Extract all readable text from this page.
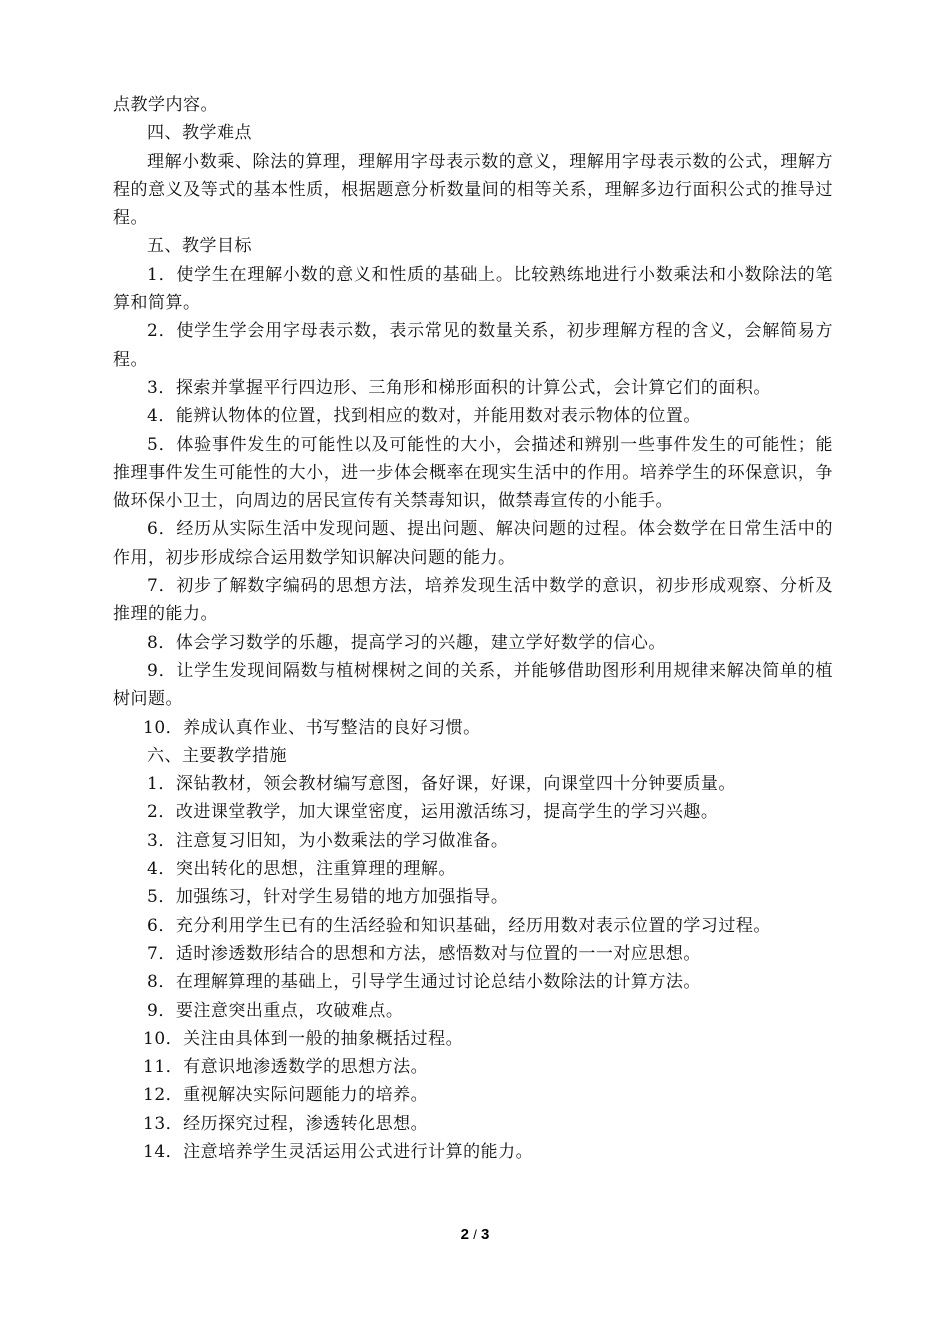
点教学内容。

四、教学难点

理解小数乘、除法的算理，理解用字母表示数的意义，理解用字母表示数的公式，理解方程的意义及等式的基本性质，根据题意分析数量间的相等关系，理解多边行面积公式的推导过程。

五、教学目标

1．使学生在理解小数的意义和性质的基础上。比较熟练地进行小数乘法和小数除法的笔算和简算。

2．使学生学会用字母表示数，表示常见的数量关系，初步理解方程的含义，会解简易方程。

3．探索并掌握平行四边形、三角形和梯形面积的计算公式，会计算它们的面积。

4．能辨认物体的位置，找到相应的数对，并能用数对表示物体的位置。

5．体验事件发生的可能性以及可能性的大小，会描述和辨别一些事件发生的可能性；能推理事件发生可能性的大小，进一步体会概率在现实生活中的作用。培养学生的环保意识，争做环保小卫士，向周边的居民宣传有关禁毒知识，做禁毒宣传的小能手。

6．经历从实际生活中发现问题、提出问题、解决问题的过程。体会数学在日常生活中的作用，初步形成综合运用数学知识解决问题的能力。

7．初步了解数字编码的思想方法，培养发现生活中数学的意识，初步形成观察、分析及推理的能力。

8．体会学习数学的乐趣，提高学习的兴趣，建立学好数学的信心。

9．让学生发现间隔数与植树棵树之间的关系，并能够借助图形利用规律来解决简单的植树问题。

10．养成认真作业、书写整洁的良好习惯。

六、主要教学措施

1．深钻教材，领会教材编写意图，备好课，好课，向课堂四十分钟要质量。

2．改进课堂教学，加大课堂密度，运用激活练习，提高学生的学习兴趣。

3．注意复习旧知，为小数乘法的学习做准备。

4．突出转化的思想，注重算理的理解。

5．加强练习，针对学生易错的地方加强指导。

6．充分利用学生已有的生活经验和知识基础，经历用数对表示位置的学习过程。

7．适时渗透数形结合的思想和方法，感悟数对与位置的一一对应思想。

8．在理解算理的基础上，引导学生通过讨论总结小数除法的计算方法。

9．要注意突出重点，攻破难点。

10．关注由具体到一般的抽象概括过程。

11．有意识地渗透数学的思想方法。

12．重视解决实际问题能力的培养。

13．经历探究过程，渗透转化思想。

14．注意培养学生灵活运用公式进行计算的能力。

2 / 3
